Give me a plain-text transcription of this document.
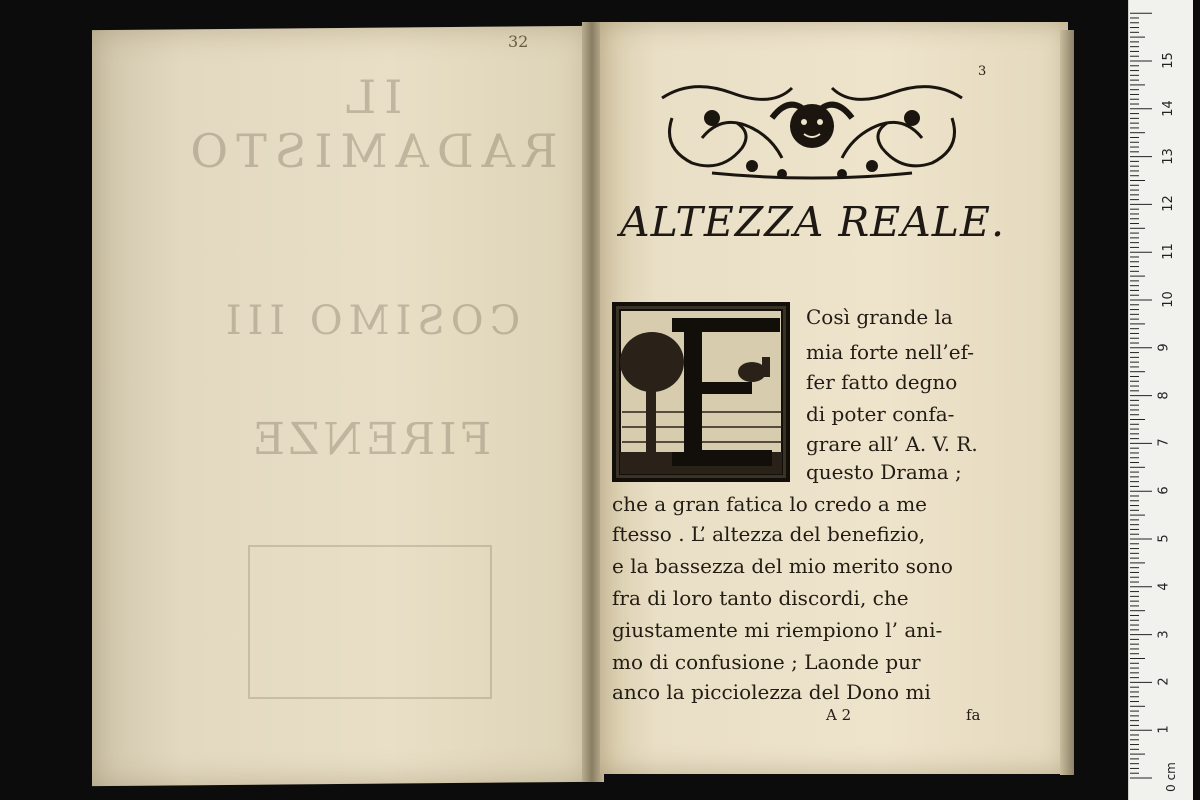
IL RADAMISTO
COSIMO III
FIRENZE
32
3
ALTEZZA REALE.
Così grande la
mia forte nell’ef-
fer fatto degno
di poter confa-
grare all’ A. V. R.
questo Drama ;
che a gran fatica lo credo a me
ftesso . L’ altezza del benefizio,
e la bassezza del mio merito sono
fra di loro tanto discordi, che
giustamente mi riempiono l’ ani-
mo di confusione ; Laonde pur
anco la picciolezza del Dono mi
A 2	fa
1
2
3
4
5
6
7
8
9
10
11
12
13
14
15
0 cm
